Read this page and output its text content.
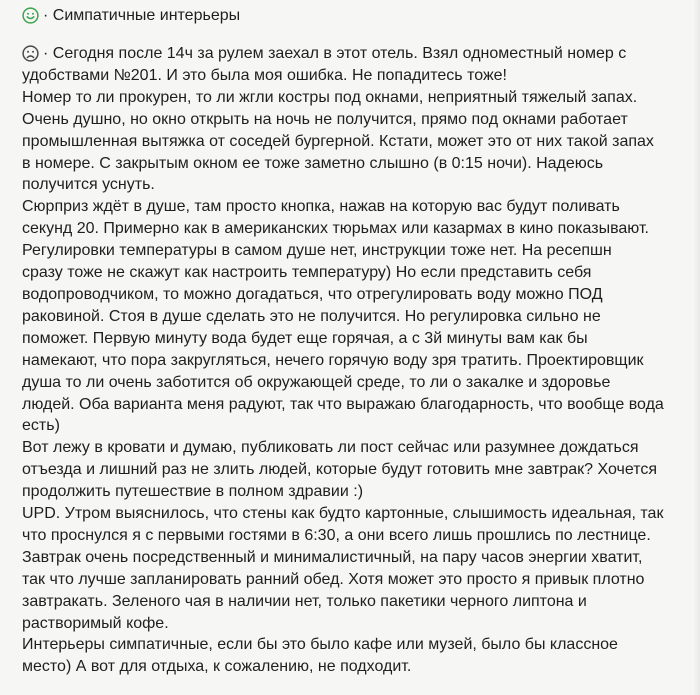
· Симпатичные интерьеры
· Сегодня после 14ч за рулем заехал в этот отель. Взял одноместный номер с
удобствами №201. И это была моя ошибка. Не попадитесь тоже!
Номер то ли прокурен, то ли жгли костры под окнами, неприятный тяжелый запах.
Очень душно, но окно открыть на ночь не получится, прямо под окнами работает
промышленная вытяжка от соседей бургерной. Кстати, может это от них такой запах
в номере. С закрытым окном ее тоже заметно слышно (в 0:15 ночи). Надеюсь
получится уснуть.
Сюрприз ждёт в душе, там просто кнопка, нажав на которую вас будут поливать
секунд 20. Примерно как в американских тюрьмах или казармах в кино показывают.
Регулировки температуры в самом душе нет, инструкции тоже нет. На ресепшн
сразу тоже не скажут как настроить температуру) Но если представить себя
водопроводчиком, то можно догадаться, что отрегулировать воду можно ПОД
раковиной. Стоя в душе сделать это не получится. Но регулировка сильно не
поможет. Первую минуту вода будет еще горячая, а с 3й минуты вам как бы
намекают, что пора закругляться, нечего горячую воду зря тратить. Проектировщик
душа то ли очень заботится об окружающей среде, то ли о закалке и здоровье
людей. Оба варианта меня радуют, так что выражаю благодарность, что вообще вода
есть)
Вот лежу в кровати и думаю, публиковать ли пост сейчас или разумнее дождаться
отъезда и лишний раз не злить людей, которые будут готовить мне завтрак? Хочется
продолжить путешествие в полном здравии :)
UPD. Утром выяснилось, что стены как будто картонные, слышимость идеальная, так
что проснулся я с первыми гостями в 6:30, а они всего лишь прошлись по лестнице.
Завтрак очень посредственный и минималистичный, на пару часов энергии хватит,
так что лучше запланировать ранний обед. Хотя может это просто я привык плотно
завтракать. Зеленого чая в наличии нет, только пакетики черного липтона и
растворимый кофе.
Интерьеры симпатичные, если бы это было кафе или музей, было бы классное
место) А вот для отдыха, к сожалению, не подходит.
